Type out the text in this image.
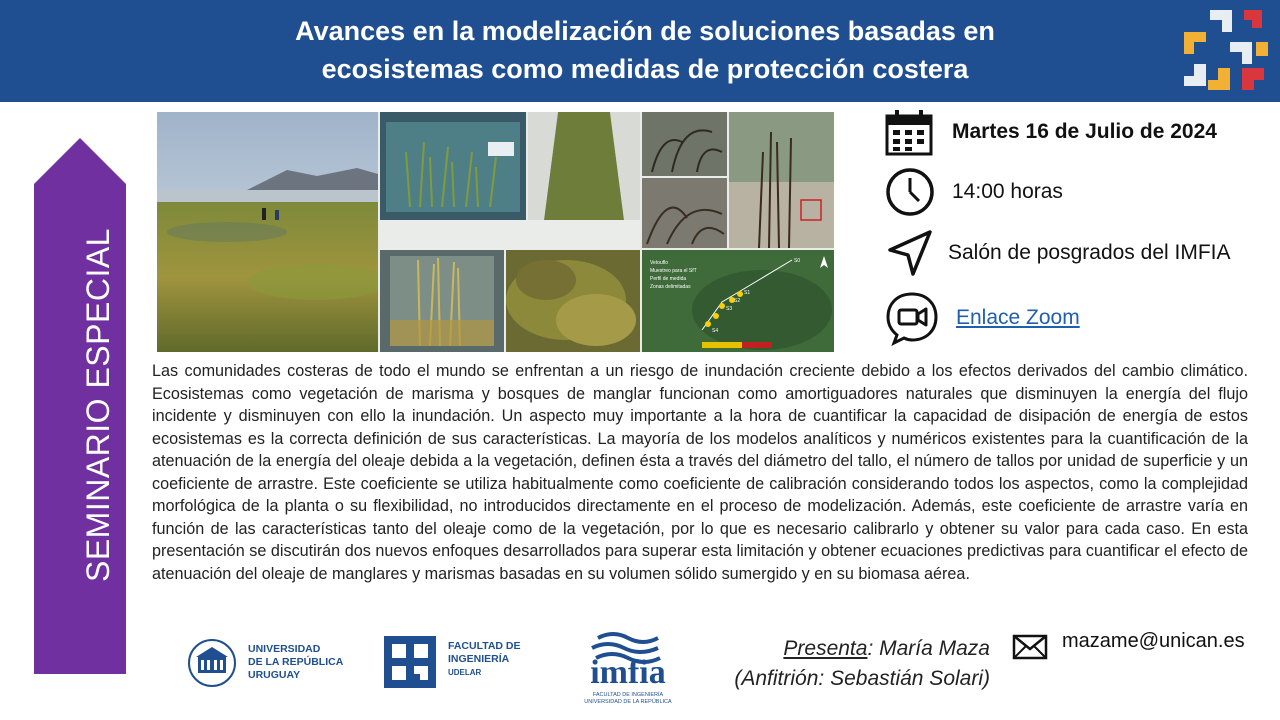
Avances en la modelización de soluciones basadas en
ecosistemas como medidas de protección costera
SEMINARIO ESPECIAL	Vetouflo
Muestreo para el SfT
Perfil de medida
Zonas delimitadas
S0
S1
S2
S3
S4
Martes 16 de Julio de 2024
14:00 horas
Salón de posgrados del IMFIA
Enlace Zoom
Las comunidades costeras de todo el mundo se enfrentan a un riesgo de inundación creciente debido a los efectos derivados del cambio climático. Ecosistemas como vegetación de marisma y bosques de manglar funcionan como amortiguadores naturales que disminuyen la energía del flujo incidente y disminuyen con ello la inundación. Un aspecto muy importante a la hora de cuantificar la capacidad de disipación de energía de estos ecosistemas es la correcta definición de sus características. La mayoría de los modelos analíticos y numéricos existentes para la cuantificación de la atenuación de la energía del oleaje debida a la vegetación, definen ésta a través del diámetro del tallo, el número de tallos por unidad de superficie y un coeficiente de arrastre. Este coeficiente se utiliza habitualmente como coeficiente de calibración considerando todos los aspectos, como la complejidad morfológica de la planta o su flexibilidad, no introducidos directamente en el proceso de modelización. Además, este coeficiente de arrastre varía en función de las características tanto del oleaje como de la vegetación, por lo que es necesario calibrarlo y obtener su valor para cada caso. En esta presentación se discutirán dos nuevos enfoques desarrollados para superar esta limitación y obtener ecuaciones predictivas para cuantificar el efecto de atenuación del oleaje de manglares y marismas basadas en su volumen sólido sumergido y en su biomasa aérea.
UNIVERSIDAD
DE LA REPÚBLICA
URUGUAY
FACULTAD DE
INGENIERÍA
UDELAR	imfia
FACULTAD DE INGENIERÍA
UNIVERSIDAD DE LA REPÚBLICA
Presenta: María Maza
(Anfitrión: Sebastián Solari)
mazame@unican.es
